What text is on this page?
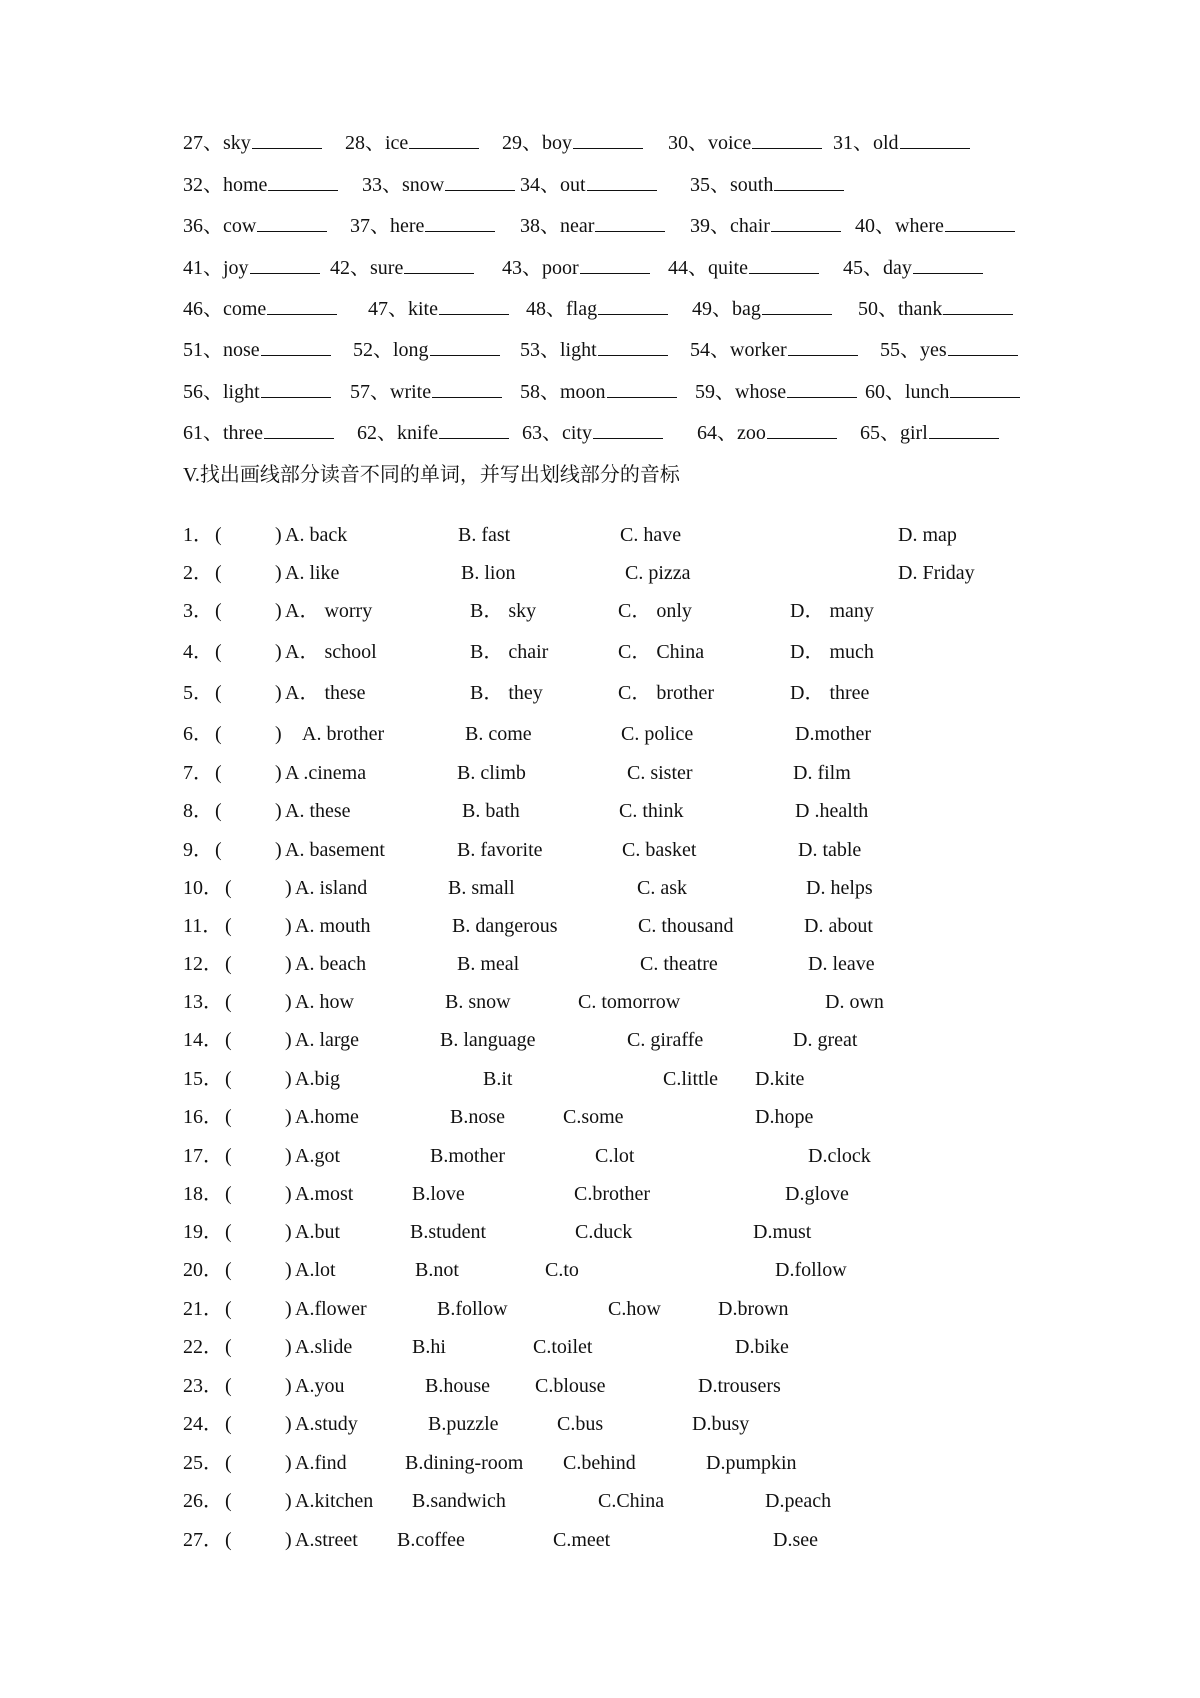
27、sky	28、ice	29、boy	30、voice	31、old
32、home	33、snow	34、out	35、south
36、cow	37、here	38、near	39、chair	40、where
41、joy	42、sure	43、poor	44、quite	45、day
46、come	47、kite	48、flag	49、bag	50、thank
51、nose	52、long	53、light	54、worker	55、yes
56、light	57、write	58、moon	59、whose	60、lunch
61、three	62、knife	63、city	64、zoo	65、girl
V.找出画线部分读音不同的单词，并写出划线部分的音标
1． (	) A. back	B. fast	C. have	D. map
2． (	) A. like	B. lion	C. pizza	D. Friday
3． (	) A． worry	B． sky	C． only	D． many
4． (	) A． school	B． chair	C． China	D． much
5． (	) A． these	B． they	C． brother	D． three
6． (	) A. brother	B. come	C. police	D.mother
7． (	) A .cinema	B. climb	C. sister	D. film
8． (	) A. these	B. bath	C. think	D .health
9． (	) A. basement	B. favorite	C. basket	D. table
10． (	) A. island	B. small	C. ask	D. helps
11． (	) A. mouth	B. dangerous	C. thousand	D. about
12． (	) A. beach	B. meal	C. theatre	D. leave
13． (	) A. how	B. snow	C. tomorrow	D. own
14． (	) A. large	B. language	C. giraffe	D. great
15． (	) A.big	B.it	C.little D.kite
16． (	) A.home	B.nose	C.some	D.hope
17． (	) A.got	B.mother	C.lot	D.clock
18． (	) A.most	B.love	C.brother	D.glove
19． (	) A.but	B.student	C.duck	D.must
20． (	) A.lot	B.not	C.to	D.follow
21． (	) A.flower	B.follow	C.how	D.brown
22． (	) A.slide	B.hi	C.toilet	D.bike
23． (	) A.you	B.house C.blouse	D.trousers
24． (	) A.study	B.puzzle	C.bus	D.busy
25． (	) A.find	B.dining-room C.behind	D.pumpkin
26． (	) A.kitchen B.sandwich	C.China	D.peach
27． (	) A.street B.coffee	C.meet	D.see
